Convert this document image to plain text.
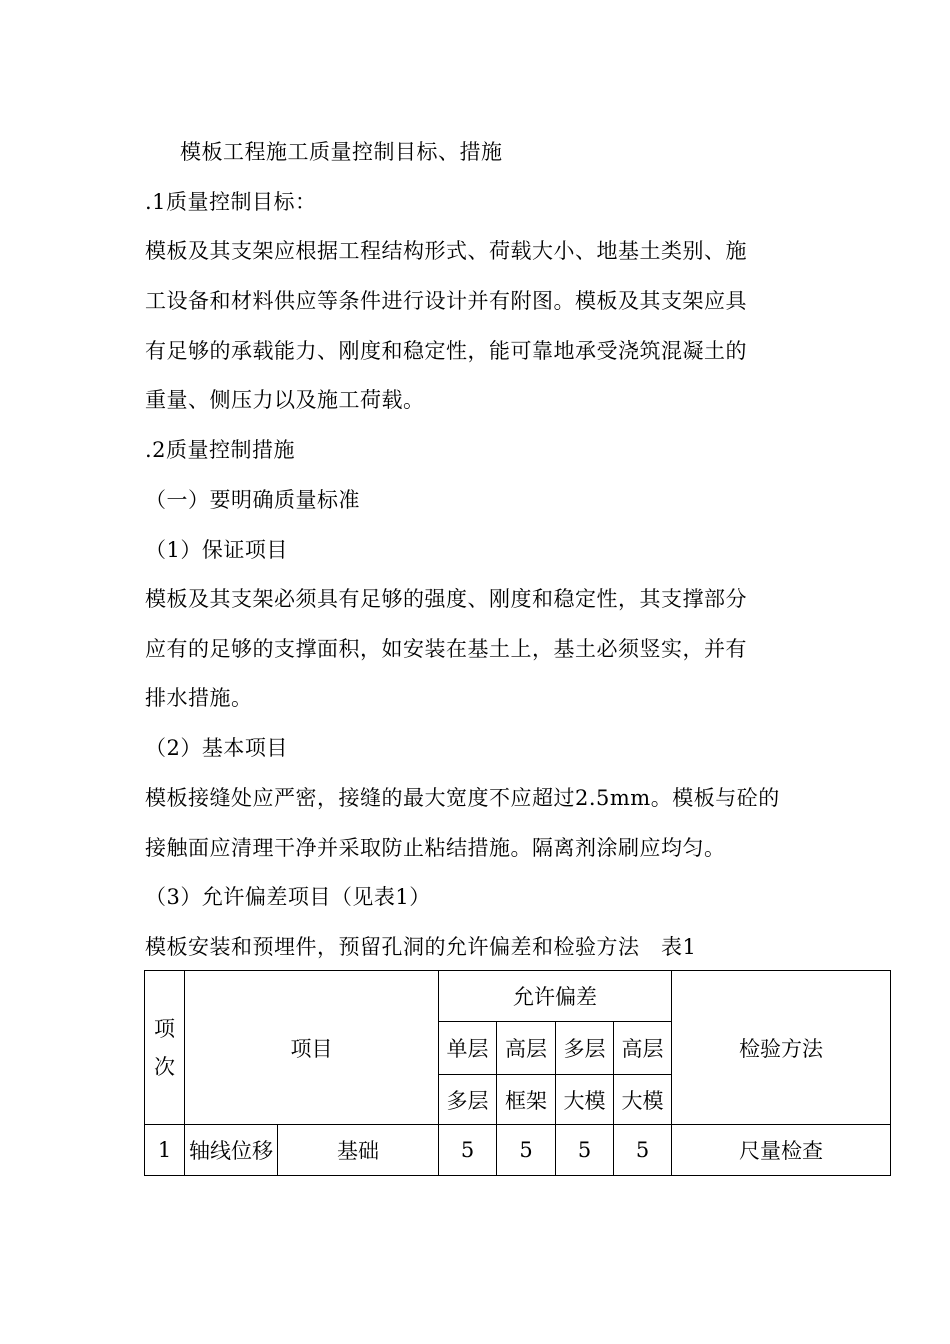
模板工程施工质量控制目标、措施
.1质量控制目标：
模板及其支架应根据工程结构形式、荷载大小、地基土类别、施
工设备和材料供应等条件进行设计并有附图。模板及其支架应具
有足够的承载能力、刚度和稳定性，能可靠地承受浇筑混凝土的
重量、侧压力以及施工荷载。
.2质量控制措施
（一）要明确质量标准
（1）保证项目
模板及其支架必须具有足够的强度、刚度和稳定性，其支撑部分
应有的足够的支撑面积，如安装在基土上，基土必须竖实，并有
排水措施。
（2）基本项目
模板接缝处应严密，接缝的最大宽度不应超过2.5mm。模板与砼的
接触面应清理干净并采取防止粘结措施。隔离剂涂刷应均匀。
（3）允许偏差项目（见表1）
模板安装和预埋件，预留孔洞的允许偏差和检验方法　表1
项
次	项目		允许偏差				检验方法
			单层	高层	多层	高层	
			多层	框架	大模	大模	
1	轴线位移	基础	5	5	5	5	尺量检查
